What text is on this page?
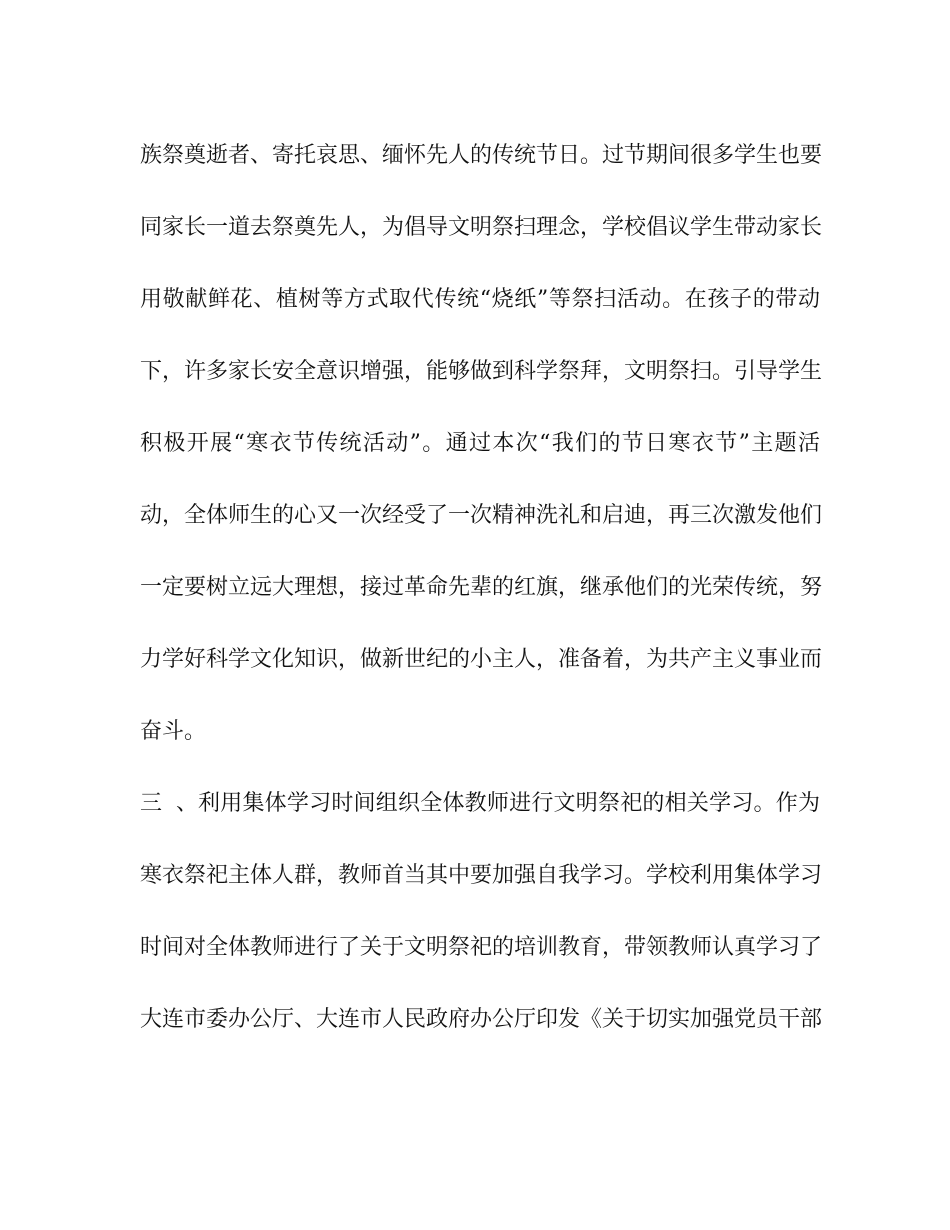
族祭奠逝者、寄托哀思、缅怀先人的传统节日。过节期间很多学生也要
同家长一道去祭奠先人，为倡导文明祭扫理念，学校倡议学生带动家长
用敬献鲜花、植树等方式取代传统“烧纸”等祭扫活动。在孩子的带动
下，许多家长安全意识增强，能够做到科学祭拜，文明祭扫。引导学生
积极开展“寒衣节传统活动”。通过本次“我们的节日寒衣节”主题活
动，全体师生的心又一次经受了一次精神洗礼和启迪，再三次激发他们
一定要树立远大理想，接过革命先辈的红旗，继承他们的光荣传统，努
力学好科学文化知识，做新世纪的小主人，准备着，为共产主义事业而
奋斗。
三、利用集体学习时间组织全体教师进行文明祭祀的相关学习。作为
寒衣祭祀主体人群，教师首当其中要加强自我学习。学校利用集体学习
时间对全体教师进行了关于文明祭祀的培训教育，带领教师认真学习了
大连市委办公厅、大连市人民政府办公厅印发《关于切实加强党员干部
